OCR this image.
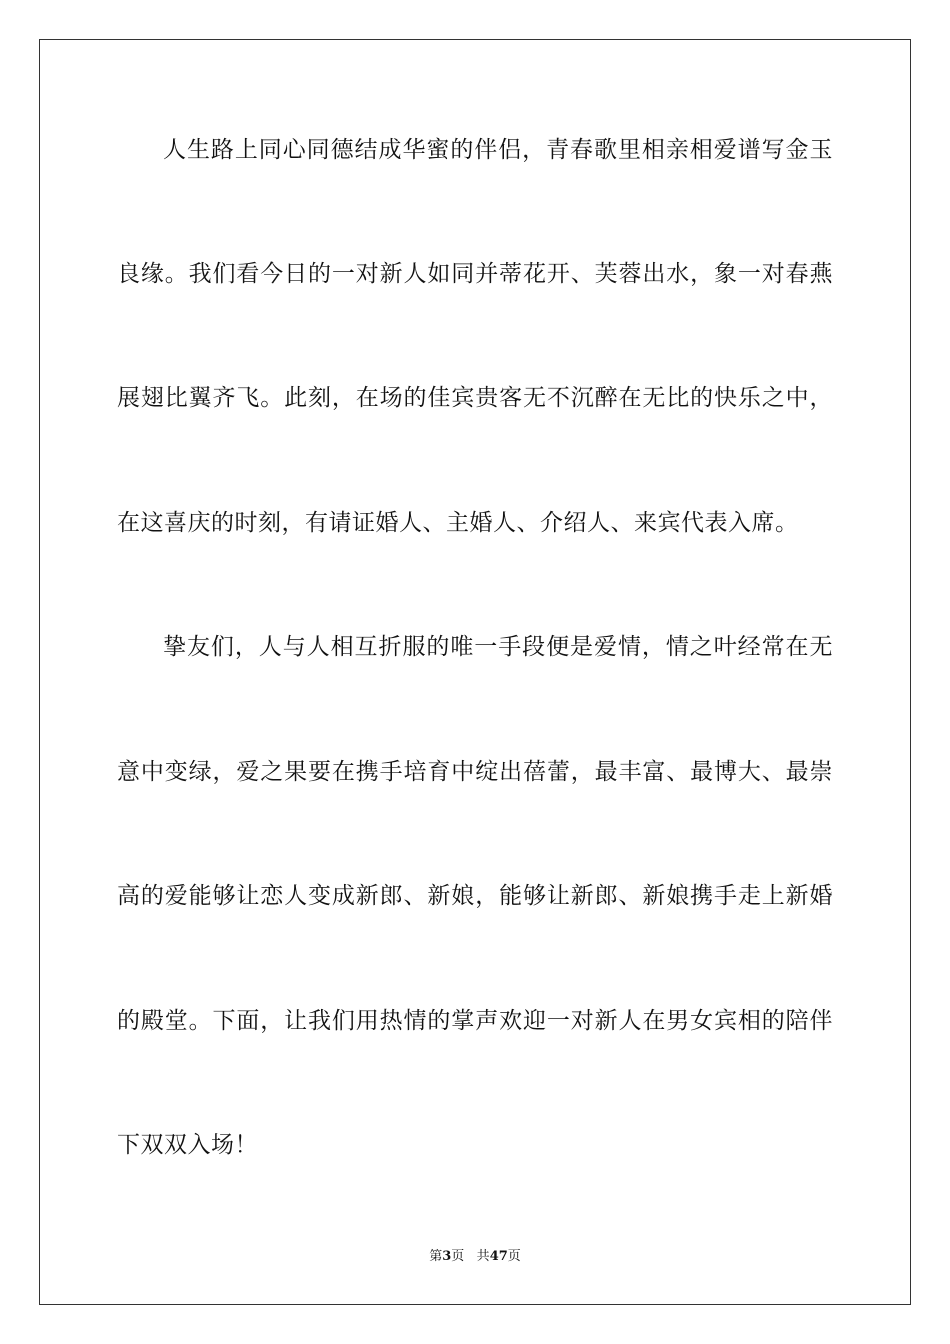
人生路上同心同德结成华蜜的伴侣，青春歌里相亲相爱谱写金玉
良缘。我们看今日的一对新人如同并蒂花开、芙蓉出水，象一对春燕
展翅比翼齐飞。此刻，在场的佳宾贵客无不沉醉在无比的快乐之中，
在这喜庆的时刻，有请证婚人、主婚人、介绍人、来宾代表入席。
挚友们，人与人相互折服的唯一手段便是爱情，情之叶经常在无
意中变绿，爱之果要在携手培育中绽出蓓蕾，最丰富、最博大、最崇
高的爱能够让恋人变成新郎、新娘，能够让新郎、新娘携手走上新婚
的殿堂。下面，让我们用热情的掌声欢迎一对新人在男女宾相的陪伴
下双双入场！
第3页 共47页
